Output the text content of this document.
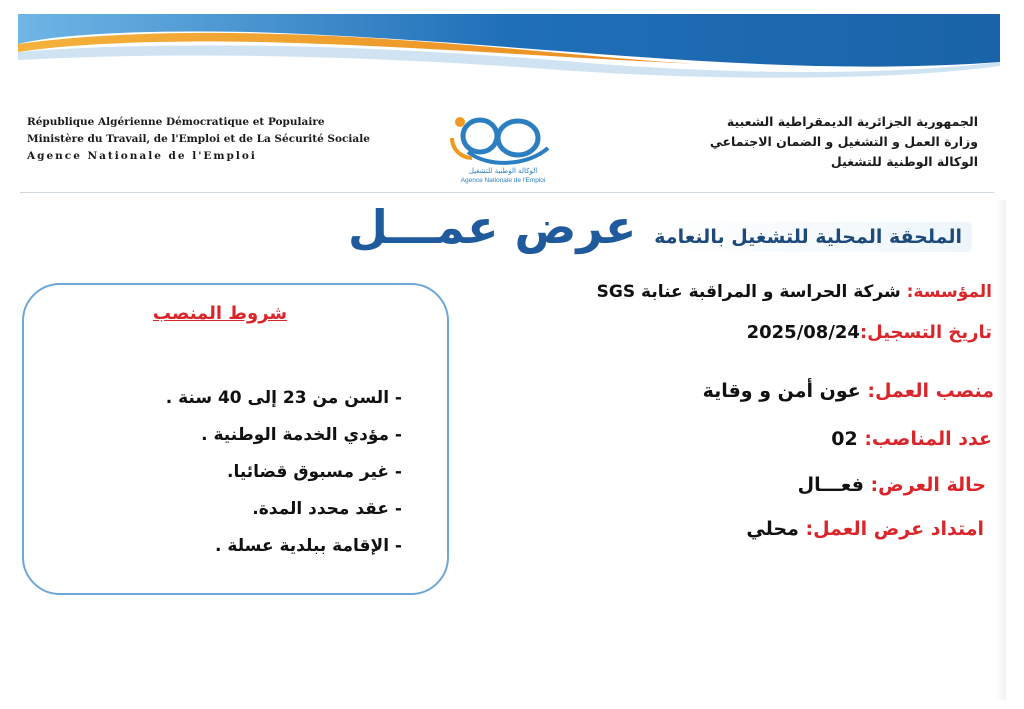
République Algérienne Démocratique et Populaire
Ministère du Travail, de l'Emploi et de La Sécurité Sociale
Agence Nationale de l'Emploi
الوكالة الوطنية للتشغيل
Agence Nationale de l'Emploi
الجمهورية الجزائرية الديمقراطية الشعبية
وزارة العمل و التشغيل و الضمان الاجتماعي
الوكالة الوطنية للتشغيل
عرض عمـــل الملحقة المحلية للتشغيل بالنعامة
شروط المنصب
- السن من 23 إلى 40 سنة .
- مؤدي الخدمة الوطنية .
- غير مسبوق قضائيا.
- عقد محدد المدة.
- الإقامة ببلدية عسلة .
المؤسسة: شركة الحراسة و المراقبة عنابة SGS
تاريخ التسجيل:2025/08/24
منصب العمل: عون أمن و وقاية
عدد المناصب: 02
حالة العرض: فعـــال
امتداد عرض العمل: محلي
